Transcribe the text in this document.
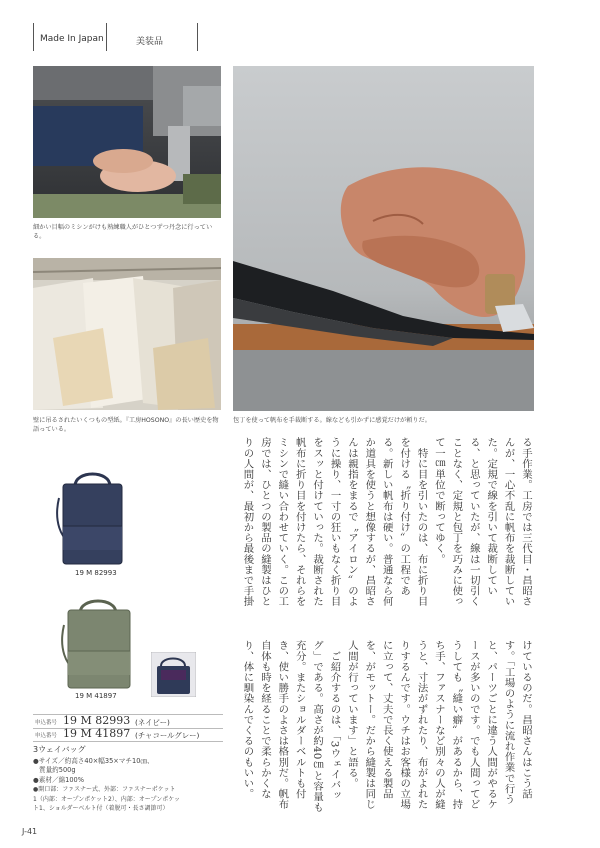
Made In Japan	美装品
細かい目幅のミシンがけも熟練職人がひとつずつ丹念に行っている。
壁に吊るされたいくつもの型紙。『工房HOSONO』の長い歴史を物語っている。
包丁を使って帆布を手裁断する。線なども引かずに感覚だけが頼りだ。
る手作業。工房では三代目・昌昭さ
んが、一心不乱に帆布を裁断してい
た。定規で線を引いて裁断してい
る、と思っていたが、線は一切引く
ことなく、定規と包丁を巧みに使っ
て一㎝単位で断ってゆく。
　特に目を引いたのは、布に折り目
を付ける〝折り付け〟の工程であ
る。新しい帆布は硬い。普通なら何
か道具を使うと想像するが、昌昭さ
んは親指をまるで〝アイロン〟のよ
うに操り、一寸の狂いもなく折り目
をスッと付けていった。裁断された
帆布に折り目を付けたら、それらを
ミシンで縫い合わせていく。この工
房では、ひとつの製品の縫製はひと
りの人間が、最初から最後まで手掛
けているのだ。昌昭さんはこう話
す。「工場のように流れ作業で行う
と、パーツごとに違う人間がやるケ
ースが多いのです。でも人間ってど
うしても〝縫い癖〟があるから、持
ち手、ファスナーなど別々の人が縫
うと、寸法がずれたり、布がよれた
りするんです。ウチはお客様の立場
に立って、丈夫で長く使える製品
を、がモットー。だから縫製は同じ
人間が行っています」と語る。
　ご紹介するのは、「3ウェイバッ
グ」である。高さが約40㎝と容量も
充分。またショルダーベルトも付
き、使い勝手のよさは格別だ。帆布
自体も時を経ることで柔らかくな
り、体に馴染んでくるのもいい。
19 M 82993
19 M 41897
申込番号 19 M 82993 (ネイビー)
申込番号 19 M 41897 (チャコールグレー)
3ウェイバッグ
●サイズ／約高さ40×幅35×マチ10㎝、
質量約500g
●素材／綿100%
●開口部：ファスナー式、外部：ファスナーポケット
1（内部：オープンポケット2）、内部：オープンポケッ
ト1、ショルダーベルト付（着脱可・長さ調節可）
J-41
